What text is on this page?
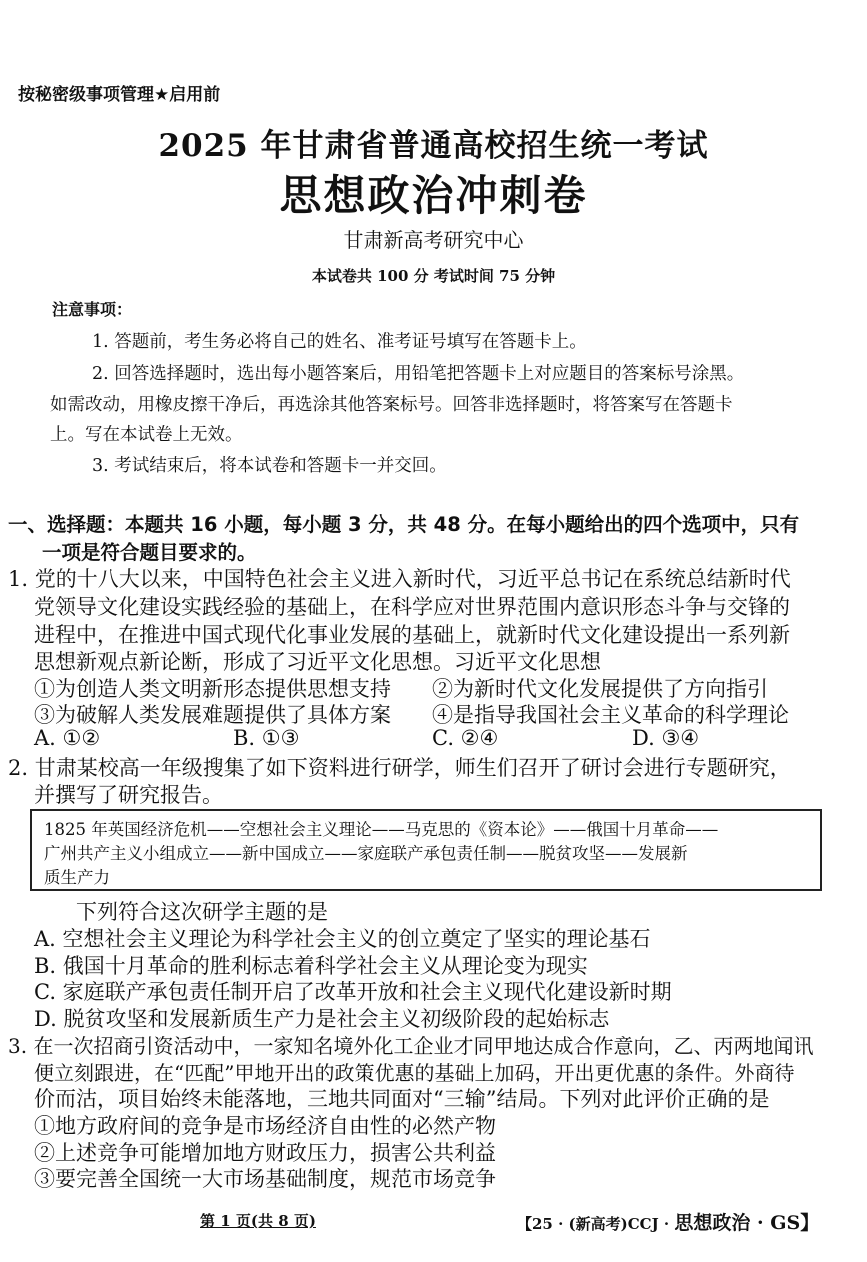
按秘密级事项管理★启用前
2025 年甘肃省普通高校招生统一考试
思想政治冲刺卷
甘肃新高考研究中心
本试卷共 100 分 考试时间 75 分钟
注意事项：
1. 答题前，考生务必将自己的姓名、准考证号填写在答题卡上。
2. 回答选择题时，选出每小题答案后，用铅笔把答题卡上对应题目的答案标号涂黑。
如需改动，用橡皮擦干净后，再选涂其他答案标号。回答非选择题时，将答案写在答题卡
上。写在本试卷上无效。
3. 考试结束后，将本试卷和答题卡一并交回。
一、选择题：本题共 16 小题，每小题 3 分，共 48 分。在每小题给出的四个选项中，只有
一项是符合题目要求的。
1. 党的十八大以来，中国特色社会主义进入新时代，习近平总书记在系统总结新时代
党领导文化建设实践经验的基础上，在科学应对世界范围内意识形态斗争与交锋的
进程中，在推进中国式现代化事业发展的基础上，就新时代文化建设提出一系列新
思想新观点新论断，形成了习近平文化思想。习近平文化思想
①为创造人类文明新形态提供思想支持 ②为新时代文化发展提供了方向指引
③为破解人类发展难题提供了具体方案 ④是指导我国社会主义革命的科学理论
A. ①②	B. ①③	C. ②④	D. ③④
2. 甘肃某校高一年级搜集了如下资料进行研学，师生们召开了研讨会进行专题研究，
并撰写了研究报告。
1825 年英国经济危机——空想社会主义理论——马克思的《资本论》——俄国十月革命——
广州共产主义小组成立——新中国成立——家庭联产承包责任制——脱贫攻坚——发展新
质生产力
下列符合这次研学主题的是
A. 空想社会主义理论为科学社会主义的创立奠定了坚实的理论基石
B. 俄国十月革命的胜利标志着科学社会主义从理论变为现实
C. 家庭联产承包责任制开启了改革开放和社会主义现代化建设新时期
D. 脱贫攻坚和发展新质生产力是社会主义初级阶段的起始标志
3. 在一次招商引资活动中，一家知名境外化工企业才同甲地达成合作意向，乙、丙两地闻讯
便立刻跟进，在“匹配”甲地开出的政策优惠的基础上加码，开出更优惠的条件。外商待
价而沽，项目始终未能落地，三地共同面对“三输”结局。下列对此评价正确的是
①地方政府间的竞争是市场经济自由性的必然产物
②上述竞争可能增加地方财政压力，损害公共利益
③要完善全国统一大市场基础制度，规范市场竞争
第 1 页(共 8 页)	【25 · (新高考)CCJ · 思想政治 · GS】
